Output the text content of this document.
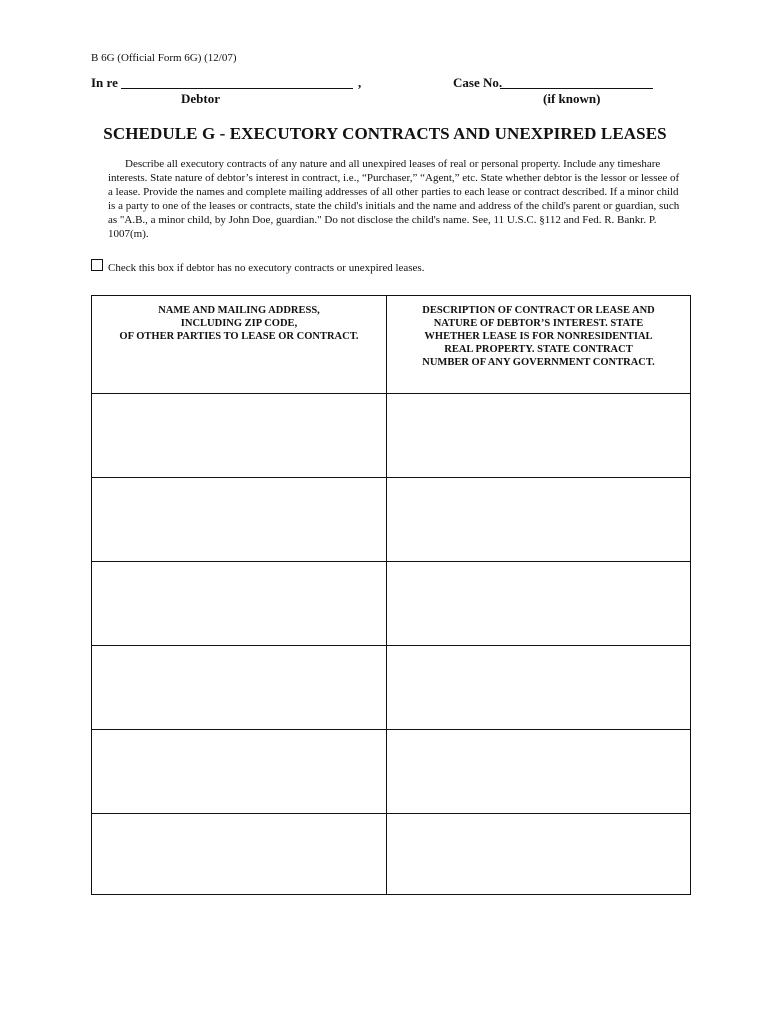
B 6G (Official Form 6G) (12/07)
In re	,
Debtor
Case No.
(if known)
SCHEDULE G - EXECUTORY CONTRACTS AND UNEXPIRED LEASES

Describe all executory contracts of any nature and all unexpired leases of real or personal property. Include any timeshare interests. State nature of debtor’s interest in contract, i.e., “Purchaser,” “Agent,” etc. State whether debtor is the lessor or lessee of a lease. Provide the names and complete mailing addresses of all other parties to each lease or contract described. If a minor child is a party to one of the leases or contracts, state the child's initials and the name and address of the child's parent or guardian, such as "A.B., a minor child, by John Doe, guardian." Do not disclose the child's name. See, 11 U.S.C. §112 and Fed. R. Bankr. P. 1007(m).

Check this box if debtor has no executory contracts or unexpired leases.
NAME AND MAILING ADDRESS,
INCLUDING ZIP CODE,
OF OTHER PARTIES TO LEASE OR CONTRACT.
DESCRIPTION OF CONTRACT OR LEASE AND
NATURE OF DEBTOR’S INTEREST. STATE
WHETHER LEASE IS FOR NONRESIDENTIAL
REAL PROPERTY. STATE CONTRACT
NUMBER OF ANY GOVERNMENT CONTRACT.
